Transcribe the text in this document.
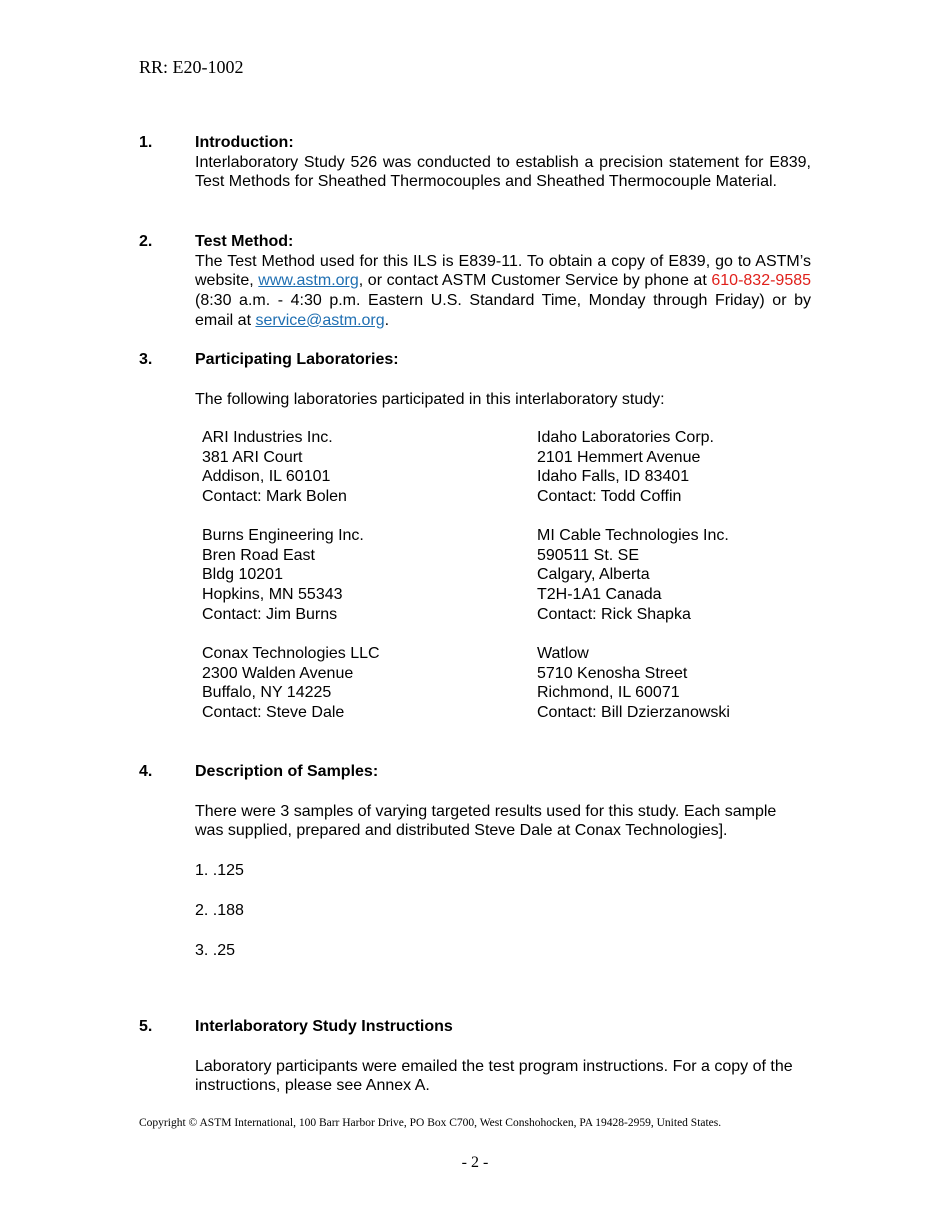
RR: E20-1002
1.	Introduction:

Interlaboratory Study 526 was conducted to establish a precision statement for E839, Test Methods for Sheathed Thermocouples and Sheathed Thermocouple Material.

2.	Test Method:

The Test Method used for this ILS is E839-11. To obtain a copy of E839, go to ASTM’s website, www.astm.org, or contact ASTM Customer Service by phone at 610-832-9585 (8:30 a.m. - 4:30 p.m. Eastern U.S. Standard Time, Monday through Friday) or by email at service@astm.org.

3.	Participating Laboratories:

The following laboratories participated in this interlaboratory study:

ARI Industries Inc.
381 ARI Court
Addison, IL 60101
Contact: Mark Bolen
Idaho Laboratories Corp.
2101 Hemmert Avenue
Idaho Falls, ID 83401
Contact: Todd Coffin
Burns Engineering Inc.
Bren Road East
Bldg 10201
Hopkins, MN 55343
Contact: Jim Burns
MI Cable Technologies Inc.
590511 St. SE
Calgary, Alberta
T2H-1A1 Canada
Contact: Rick Shapka
Conax Technologies LLC
2300 Walden Avenue
Buffalo, NY 14225
Contact: Steve Dale
Watlow
5710 Kenosha Street
Richmond, IL 60071
Contact: Bill Dzierzanowski
4.	Description of Samples:

There were 3 samples of varying targeted results used for this study. Each sample was supplied, prepared and distributed Steve Dale at Conax Technologies].

1. .125

2. .188

3. .25

5.	Interlaboratory Study Instructions

Laboratory participants were emailed the test program instructions. For a copy of the instructions, please see Annex A.

Copyright © ASTM International, 100 Barr Harbor Drive, PO Box C700, West Conshohocken, PA 19428-2959, United States.
- 2 -
